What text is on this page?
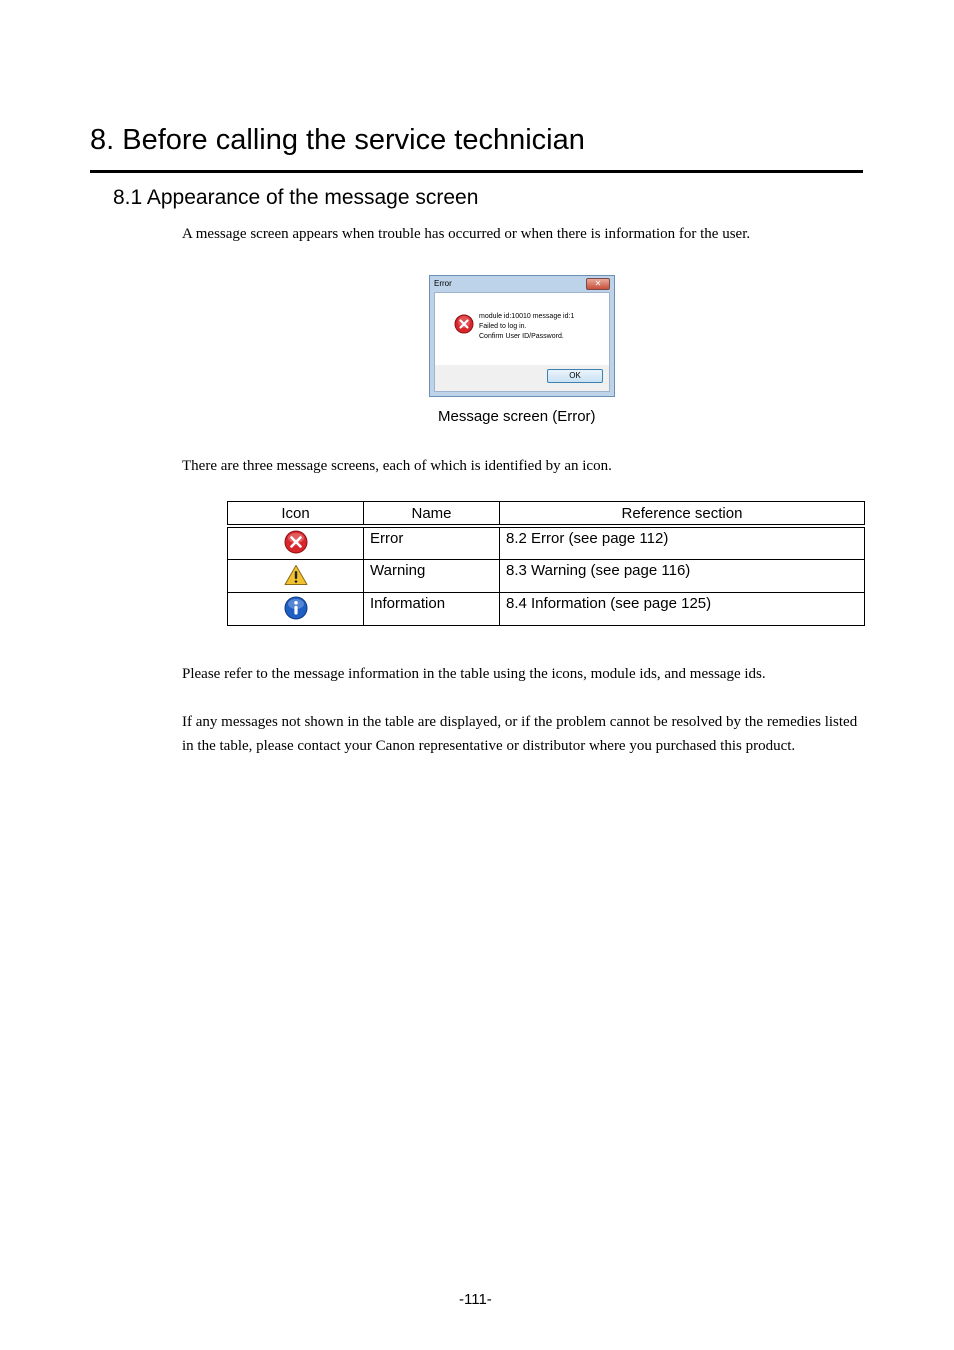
8. Before calling the service technician
8.1 Appearance of the message screen
A message screen appears when trouble has occurred or when there is information for the user.
Error	✕
module id:10010 message id:1
Failed to log in.
Confirm User ID/Password.
OK
Message screen (Error)
There are three message screens, each of which is identified by an icon.
Icon	Name	Reference section
	Error	8.2 Error (see page 112)
	Warning	8.3 Warning (see page 116)
	Information	8.4 Information (see page 125)
Please refer to the message information in the table using the icons, module ids, and message ids.
If any messages not shown in the table are displayed, or if the problem cannot be resolved by the remedies listed in the table, please contact your Canon representative or distributor where you purchased this product.
-111-
